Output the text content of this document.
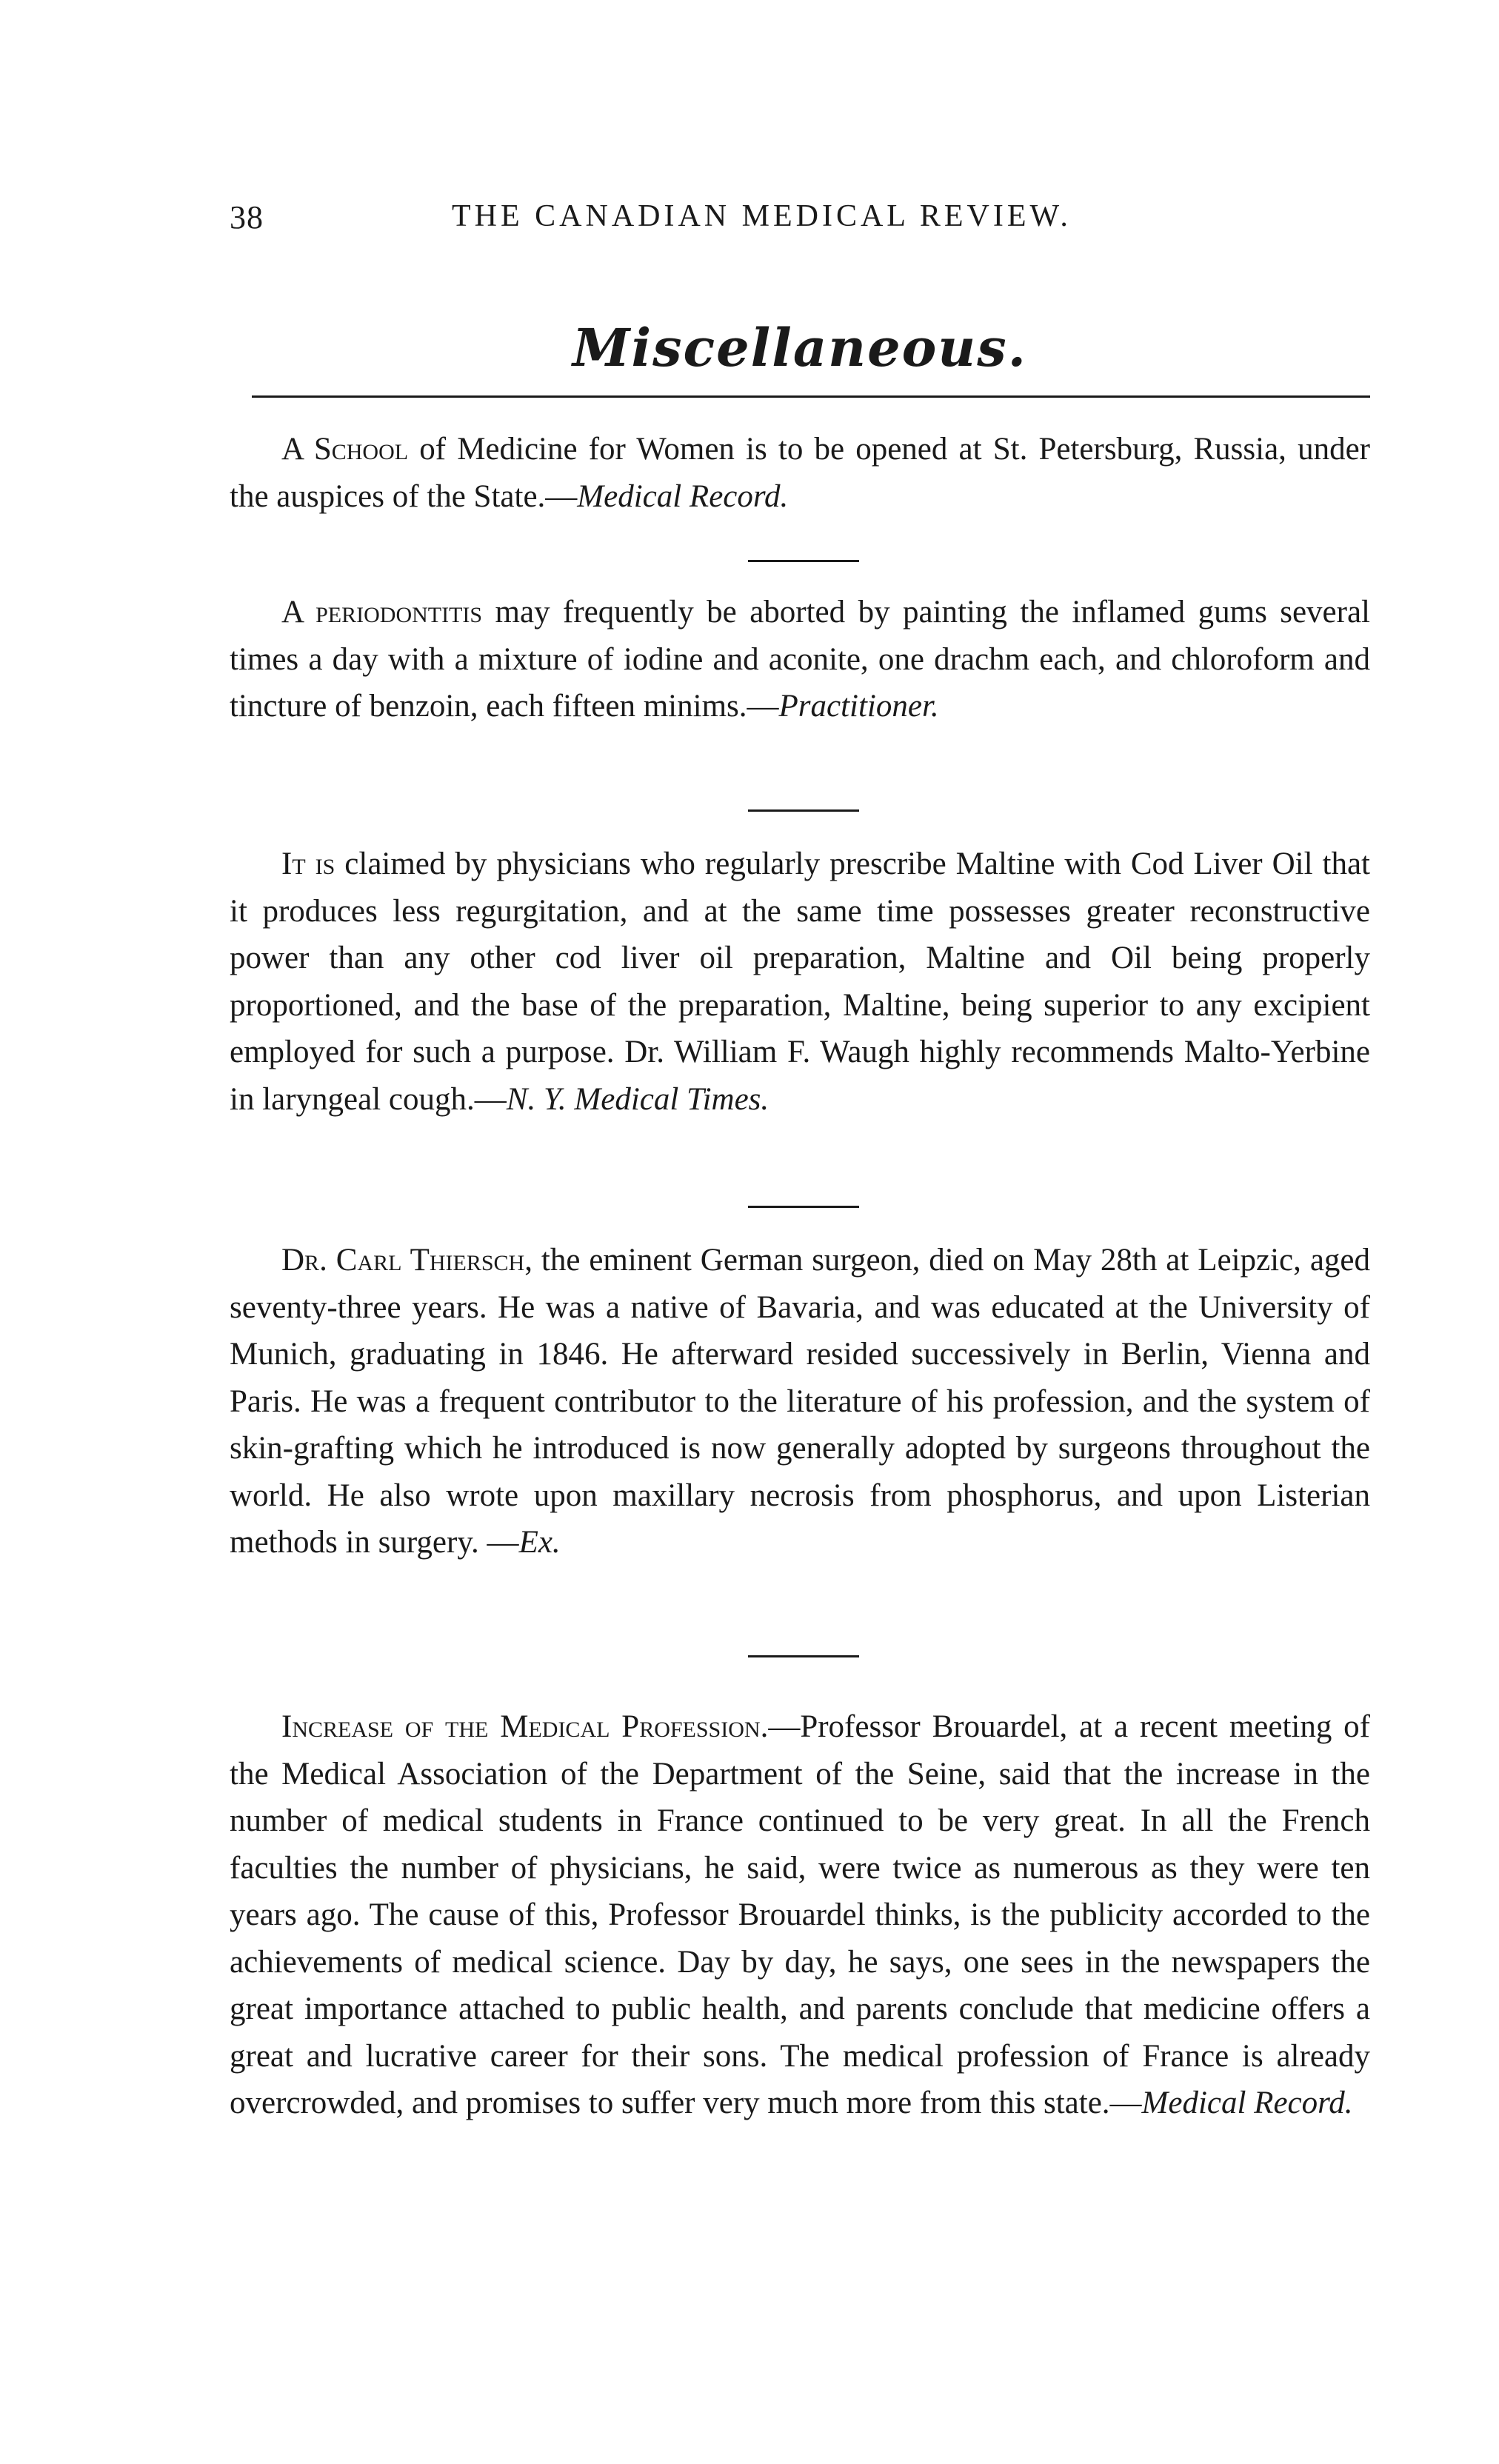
38	THE CANADIAN MEDICAL REVIEW.
Miscellaneous.

A School of Medicine for Women is to be opened at St. Petersburg, Russia, under the auspices of the State.—Medical Record.

A periodontitis may frequently be aborted by painting the inflamed gums several times a day with a mixture of iodine and aconite, one drachm each, and chloroform and tincture of benzoin, each fifteen minims.—Practitioner.

It is claimed by physicians who regularly prescribe Maltine with Cod Liver Oil that it produces less regurgitation, and at the same time possesses greater reconstructive power than any other cod liver oil preparation, Maltine and Oil being properly proportioned, and the base of the preparation, Maltine, being superior to any excipient employed for such a purpose. Dr. William F. Waugh highly recommends Malto-Yerbine in laryngeal cough.—N. Y. Medical Times.

Dr. Carl Thiersch, the eminent German surgeon, died on May 28th at Leipzic, aged seventy-three years. He was a native of Bavaria, and was educated at the University of Munich, graduating in 1846. He afterward resided successively in Berlin, Vienna and Paris. He was a frequent contributor to the literature of his profession, and the system of skin-grafting which he introduced is now generally adopted by surgeons throughout the world. He also wrote upon maxillary necrosis from phosphorus, and upon Listerian methods in surgery. —Ex.

Increase of the Medical Profession.—Professor Brouardel, at a recent meeting of the Medical Association of the Department of the Seine, said that the increase in the number of medical students in France continued to be very great. In all the French faculties the number of physicians, he said, were twice as numerous as they were ten years ago. The cause of this, Professor Brouardel thinks, is the publicity accorded to the achievements of medical science. Day by day, he says, one sees in the newspapers the great importance attached to public health, and parents conclude that medicine offers a great and lucrative career for their sons. The medical profession of France is already overcrowded, and promises to suffer very much more from this state.—Medical Record.
